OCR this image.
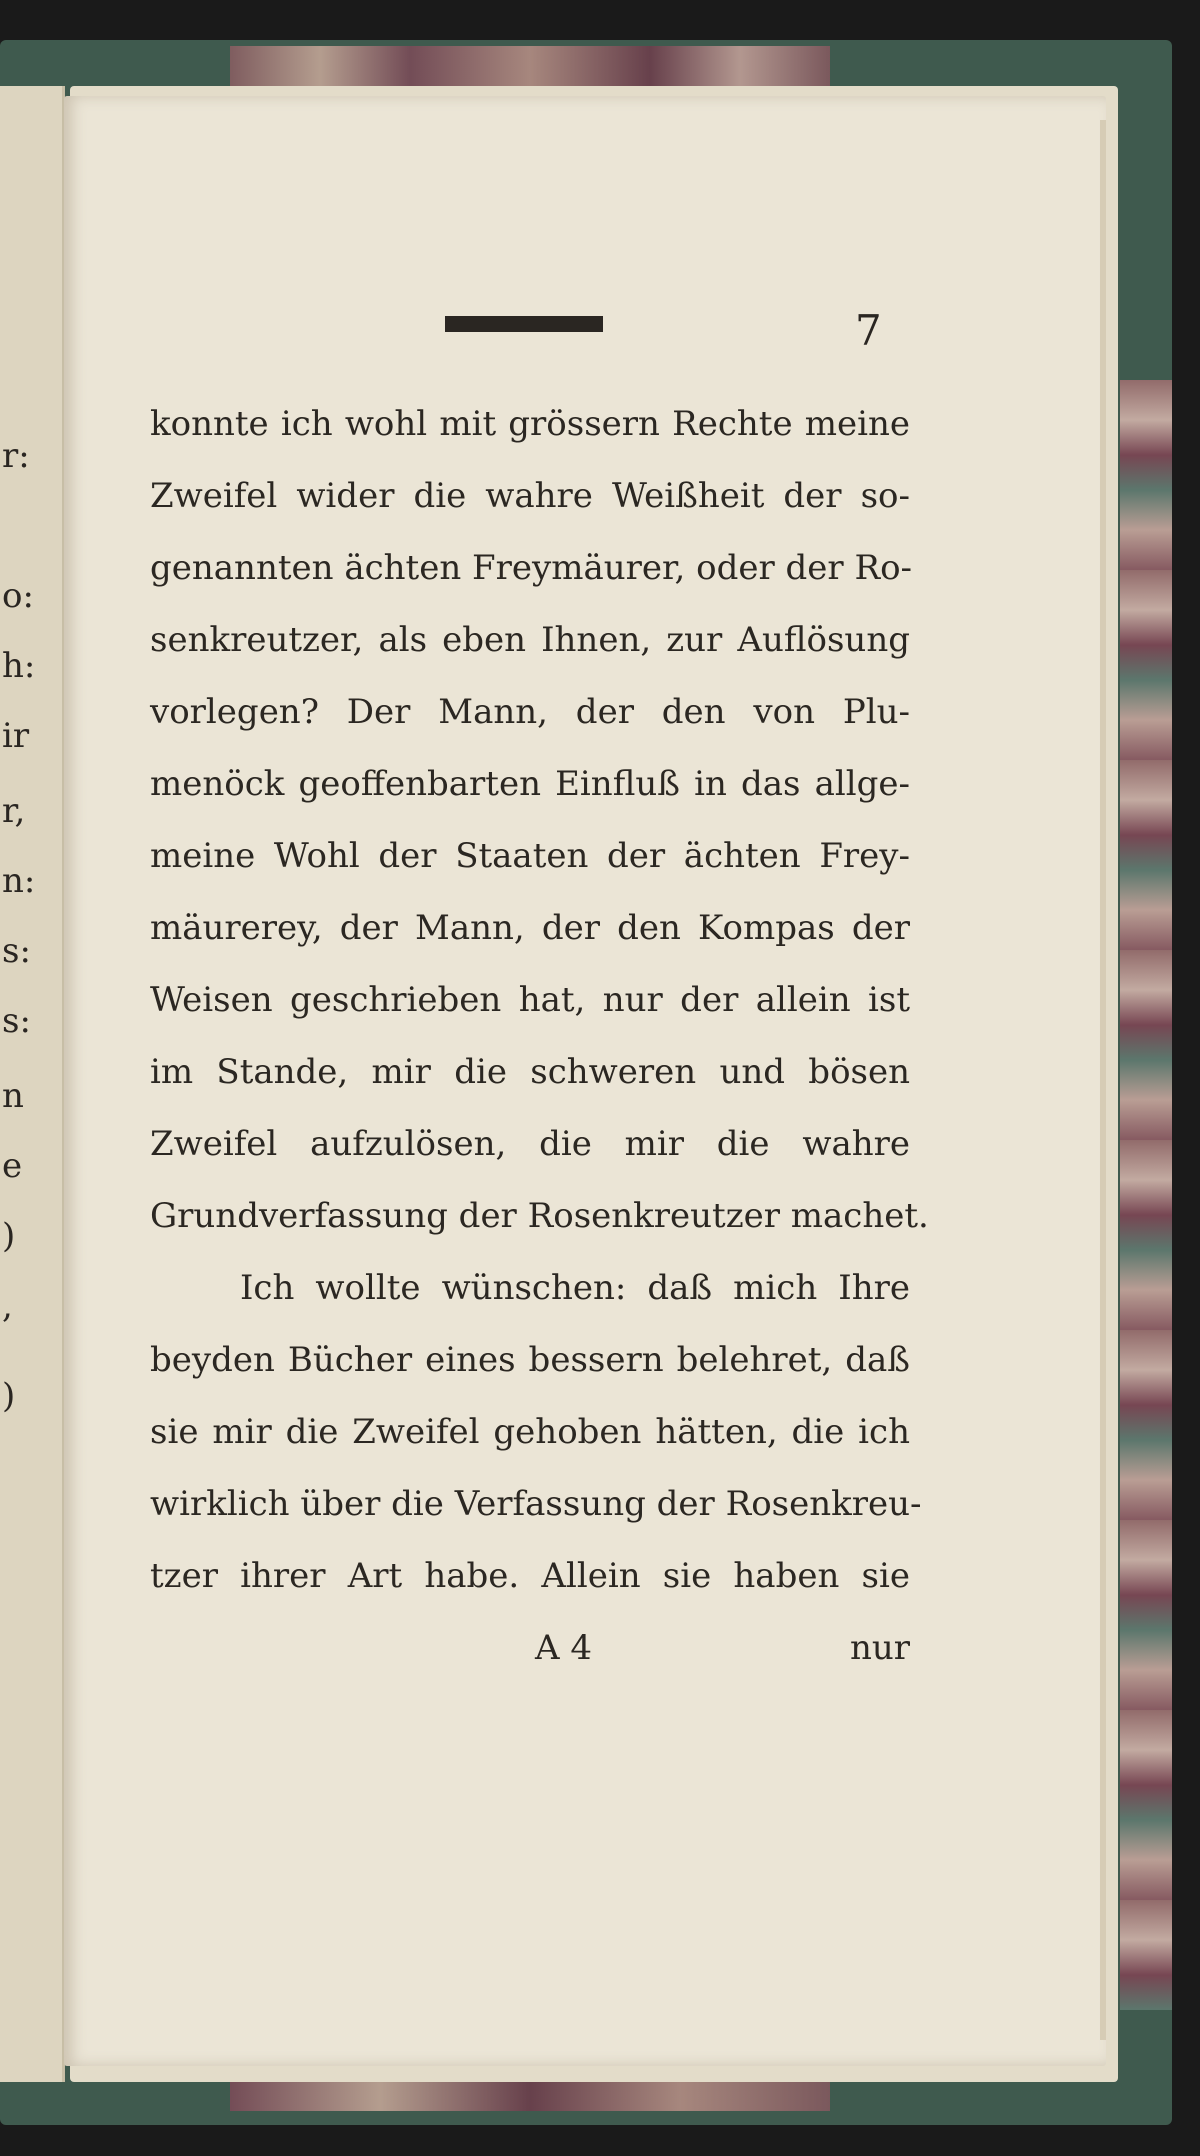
r:
o:
h:
ir
r,
n:
s:
s:
n
e
)
,
)
7
konnte ich wohl mit grössern Rechte meine
Zweifel wider die wahre Weißheit der so-
genannten ächten Freymäurer, oder der Ro-
senkreutzer, als eben Ihnen, zur Auflösung
vorlegen? Der Mann, der den von Plu-
menöck geoffenbarten Einfluß in das allge-
meine Wohl der Staaten der ächten Frey-
mäurerey, der Mann, der den Kompas der
Weisen geschrieben hat, nur der allein ist
im Stande, mir die schweren und bösen
Zweifel aufzulösen, die mir die wahre
Grundverfassung der Rosenkreutzer machet.
Ich wollte wünschen: daß mich Ihre
beyden Bücher eines bessern belehret, daß
sie mir die Zweifel gehoben hätten, die ich
wirklich über die Verfassung der Rosenkreu-
tzer ihrer Art habe. Allein sie haben sie
A 4	nur
